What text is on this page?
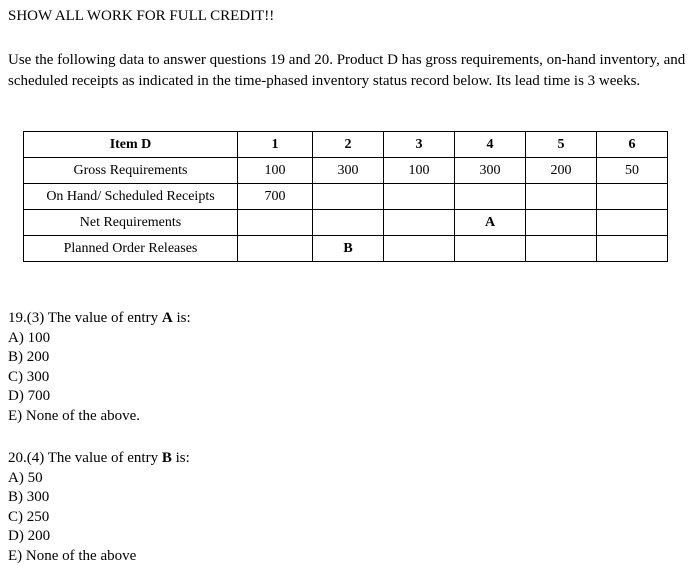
SHOW ALL WORK FOR FULL CREDIT!!
Use the following data to answer questions 19 and 20. Product D has gross requirements, on-hand inventory, and scheduled receipts as indicated in the time-phased inventory status record below. Its lead time is 3 weeks.
Item D	1	2	3	4	5	6
Gross Requirements	100	300	100	300	200	50
On Hand/ Scheduled Receipts	700					
Net Requirements				A		
Planned Order Releases		B				
19.(3) The value of entry A is:
A) 100
B) 200
C) 300
D) 700
E) None of the above.
20.(4) The value of entry B is:
A) 50
B) 300
C) 250
D) 200
E) None of the above
